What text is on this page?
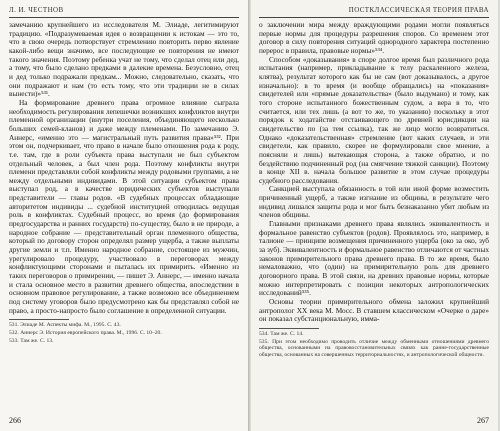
Л. И. ЧЕСТНОВ

замечанию крупнейшего из исследователя М. Элиаде, легитимируют традицию. «Подразумеваемая идея о возвращении к истокам — это то, что в свою очередь потворствует стремлению повторить перво явление какой-либо вещи значимо, все последующие ее повторения не имеют такого значения. Поэтому ребенка учат не тому, что сделал отец или дед, а тому, что было сделано предками в далекие времена. Безусловно, отец и дед только подражали предкам... Можно, следовательно, сказать, что они подражают и нам (то есть тому, что эти традиции не в силах вынести)»⁵³¹.

На формирование древнего права огромное влияние сыграла необходимость регулирования лепешечки возникших конфликтов внутри племенной организации (внутри поселения, объединяющего несколько больших семей-кланов) и даже между племенами. По замечанию Э. Аннерс, «именно это — магистральный путь развития права»⁵³². При этом он, подчеркивает, что право в начале было отношения рода к роду, т.е. там, где в роли субъекта права выступали не был субъектом отдельный человек, а был член рода. Поэтому конфликты внутри племени представляли собой конфликты между родовыми группами, а не между отдельными индивидами. В этой ситуации субъектом права выступал род, а в качестве юридических субъектов выступали представители — главы родов. «В судебных процессах обладающие авторитетом индивиды ... судебной институцией отводилась ведущая роль в конфликтах. Судебный процесс, во время (до формирования предгосударства и ранних государств) по-существу, было в не природе, а народное собрание — представительный орган племенного общества, который по договору сторон определял размер ущерба, а также выплаты другие земли и т.п. Именно народное собрание, состоящее из мужчин, урегулировало процедуру, участвовало в переговорах между конфликтующими сторонами и пыталась их примирить. «Именно из таких переговоров о примирении, — пишет Э. Аннерс, — именно начала и стала основное место в развитии древнего общества, впоследствии в основном правовое регулирование, а также возможно все объединением под систему уговоров было предусмотрено как бы представлял собой не право, а просто-напросто было соглашение в определенной ситуации.

531. Элиаде М. Аспекты мифа. М., 1995. С. 43.

532. Аннерс Э. История европейского права. М., 1996. С. 10–20.

533. Там же. С. 13.

266
ПОСТКЛАССИЧЕСКАЯ ТЕОРИЯ ПРАВА

о заключении мира между враждующими родами могли появляться первые нормы для процедуры разрешения споров. Со временем этот договор в силу повторения ситуаций однородного характера постепенно перерос в правила, правовые нормы»⁵³⁴.

Способом «доказывания» в споре долгое время был различного рода испытания (например, прикладывание к телу раскаленного железа, клятва), результат которого как бы не сам (вот доказывалось, а другое изначально): в то время (и вообще обращались) на «показания» свидетелей или «прямые доказательства» (было выдумано) и тому, как того стороне испытанного божественным судом, а вера в то, что считается, или тех лишь (а вот то же, то указанию) поскольку в этот порядок к ходатайстве отстаивающего по древней юрисдикции на свидетельство по (за тем ссылка), так же лицо могло возвратиться. Однако «доказательственная» стремление (вот каких случаев, и эти свидетели, как правило, скорее не формулировали свое мнение, а поясняли и лишь) вытекающая сторона, а также обратно, и по бездействию подчиненный род (на смягчение тяжкой санкции). Поэтому в конце XII в. начала большое развитие в этом случае процедуры судебного расследования.

Санкцией выступала обязанность в той или иной форме возместить причиненный ущерб, а также изгнание из общины, в результате чего индивид лишался защиты рода и мог быть безнаказанно убит любым из членов общины.

Главными признаками древнего права являлись эквивалентность и формальное равенство субъектов (родов). Проявлялось это, например, в талионе — принципе возмещения причиненного ущерба (око за око, зуб за зуб). Эквивалентность и формальное равенство отличаются от частных законов примирительного права древнего права. В то же время, было немаловажно, что (один) на примирительную роль для древнего договорного права. В этой связи, на древних правовые нормы, которые можно интерпретировать с позиции некоторых антропологических исследований⁵³⁵.

Основы теории примирительного обмена заложил крупнейший антрополог XX века М. Мосс. В ставшем классическом «Очерке о даре» он показал субстанциональную, имма-

534. Там же. С. 14.

535. При этом необходимо проводить отличие между обменными отношениями древнего общества, основанными на правовосстановительных связях как ранне-государственные общества, основанных на совершенных территориальностях, и антропологической общности.

267
